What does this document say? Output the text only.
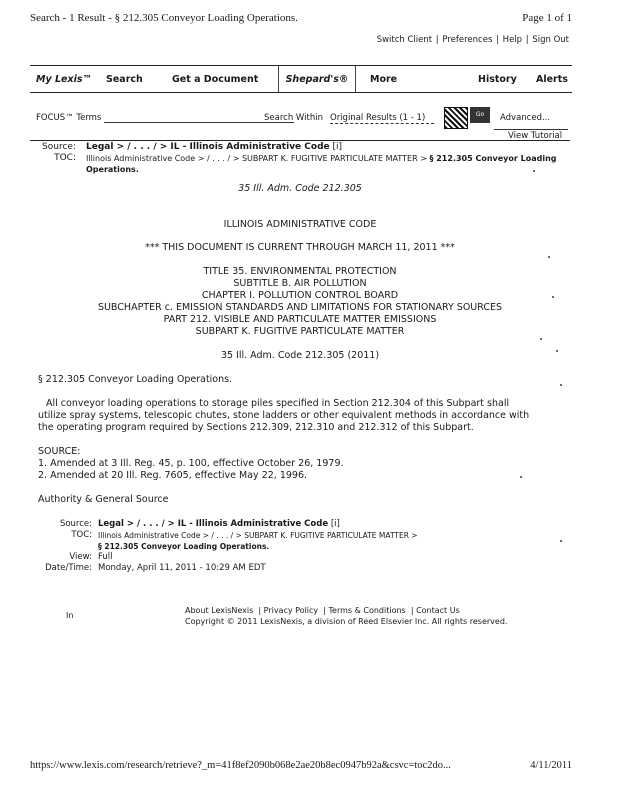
Search - 1 Result - § 212.305 Conveyor Loading Operations.	Page 1 of 1
Switch Client | Preferences | Help | Sign Out
My Lexis™ Search	Get a Document	Shepard's®	More	History Alerts
FOCUS™ Terms	Search Within Original Results (1 - 1)	Go	Advanced...
View Tutorial
Source: Legal > / . . . / > IL - Illinois Administrative Code [i]
TOC: Illinois Administrative Code > / . . . / > SUBPART K. FUGITIVE PARTICULATE MATTER > § 212.305 Conveyor Loading Operations.
35 Ill. Adm. Code 212.305
ILLINOIS ADMINISTRATIVE CODE
*** THIS DOCUMENT IS CURRENT THROUGH MARCH 11, 2011 ***
TITLE 35. ENVIRONMENTAL PROTECTION
SUBTITLE B. AIR POLLUTION
CHAPTER I. POLLUTION CONTROL BOARD
SUBCHAPTER c. EMISSION STANDARDS AND LIMITATIONS FOR STATIONARY SOURCES
PART 212. VISIBLE AND PARTICULATE MATTER EMISSIONS
SUBPART K. FUGITIVE PARTICULATE MATTER
35 Ill. Adm. Code 212.305 (2011)
§ 212.305 Conveyor Loading Operations.
All conveyor loading operations to storage piles specified in Section 212.304 of this Subpart shall
utilize spray systems, telescopic chutes, stone ladders or other equivalent methods in accordance with
the operating program required by Sections 212.309, 212.310 and 212.312 of this Subpart.
SOURCE:
1. Amended at 3 Ill. Reg. 45, p. 100, effective October 26, 1979.
2. Amended at 20 Ill. Reg. 7605, effective May 22, 1996.
Authority & General Source
Source: Legal > / . . . / > IL - Illinois Administrative Code [i]
TOC: Illinois Administrative Code > / . . . / > SUBPART K. FUGITIVE PARTICULATE MATTER >
§ 212.305 Conveyor Loading Operations.
View: Full
Date/Time: Monday, April 11, 2011 - 10:29 AM EDT
In
About LexisNexis  | Privacy Policy  | Terms & Conditions  | Contact Us
Copyright © 2011 LexisNexis, a division of Reed Elsevier Inc. All rights reserved.
https://www.lexis.com/research/retrieve?_m=41f8ef2090b068e2ae20b8ec0947b92a&csvc=toc2do...	4/11/2011
